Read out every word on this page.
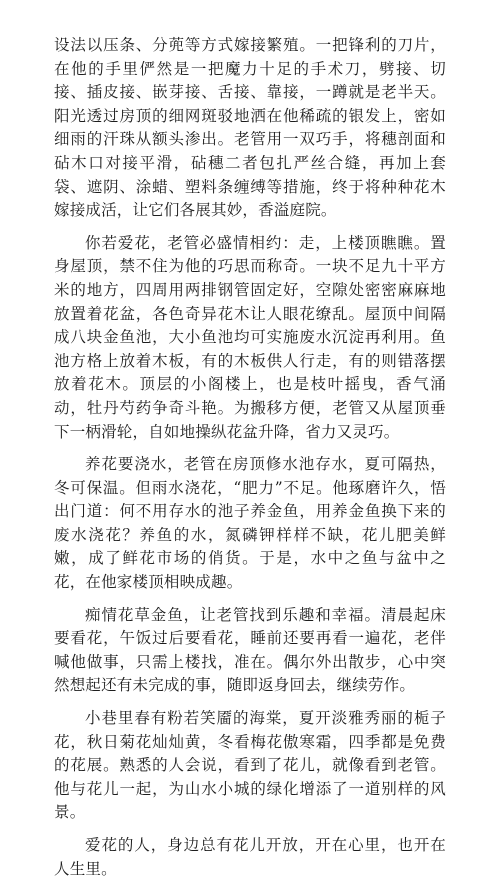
设法以压条、分蔸等方式嫁接繁殖。一把锋利的刀片，在他的手里俨然是一把魔力十足的手术刀，劈接、切接、插皮接、嵌芽接、舌接、靠接，一蹲就是老半天。阳光透过房顶的细网斑驳地洒在他稀疏的银发上，密如细雨的汗珠从额头渗出。老管用一双巧手，将穗剖面和砧木口对接平滑，砧穗二者包扎严丝合缝，再加上套袋、遮阴、涂蜡、塑料条缠缚等措施，终于将种种花木嫁接成活，让它们各展其妙，香溢庭院。

你若爱花，老管必盛情相约：走，上楼顶瞧瞧。置身屋顶，禁不住为他的巧思而称奇。一块不足九十平方米的地方，四周用两排钢管固定好，空隙处密密麻麻地放置着花盆，各色奇异花木让人眼花缭乱。屋顶中间隔成八块金鱼池，大小鱼池均可实施废水沉淀再利用。鱼池方格上放着木板，有的木板供人行走，有的则错落摆放着花木。顶层的小阁楼上，也是枝叶摇曳，香气涌动，牡丹芍药争奇斗艳。为搬移方便，老管又从屋顶垂下一柄滑轮，自如地操纵花盆升降，省力又灵巧。

养花要浇水，老管在房顶修水池存水，夏可隔热，冬可保温。但雨水浇花，“肥力”不足。他琢磨许久，悟出门道：何不用存水的池子养金鱼，用养金鱼换下来的废水浇花？养鱼的水，氮磷钾样样不缺，花儿肥美鲜嫩，成了鲜花市场的俏货。于是，水中之鱼与盆中之花，在他家楼顶相映成趣。

痴情花草金鱼，让老管找到乐趣和幸福。清晨起床要看花，午饭过后要看花，睡前还要再看一遍花，老伴喊他做事，只需上楼找，准在。偶尔外出散步，心中突然想起还有未完成的事，随即返身回去，继续劳作。

小巷里春有粉若笑靥的海棠，夏开淡雅秀丽的栀子花，秋日菊花灿灿黄，冬看梅花傲寒霜，四季都是免费的花展。熟悉的人会说，看到了花儿，就像看到老管。他与花儿一起，为山水小城的绿化增添了一道别样的风景。

爱花的人，身边总有花儿开放，开在心里，也开在人生里。
